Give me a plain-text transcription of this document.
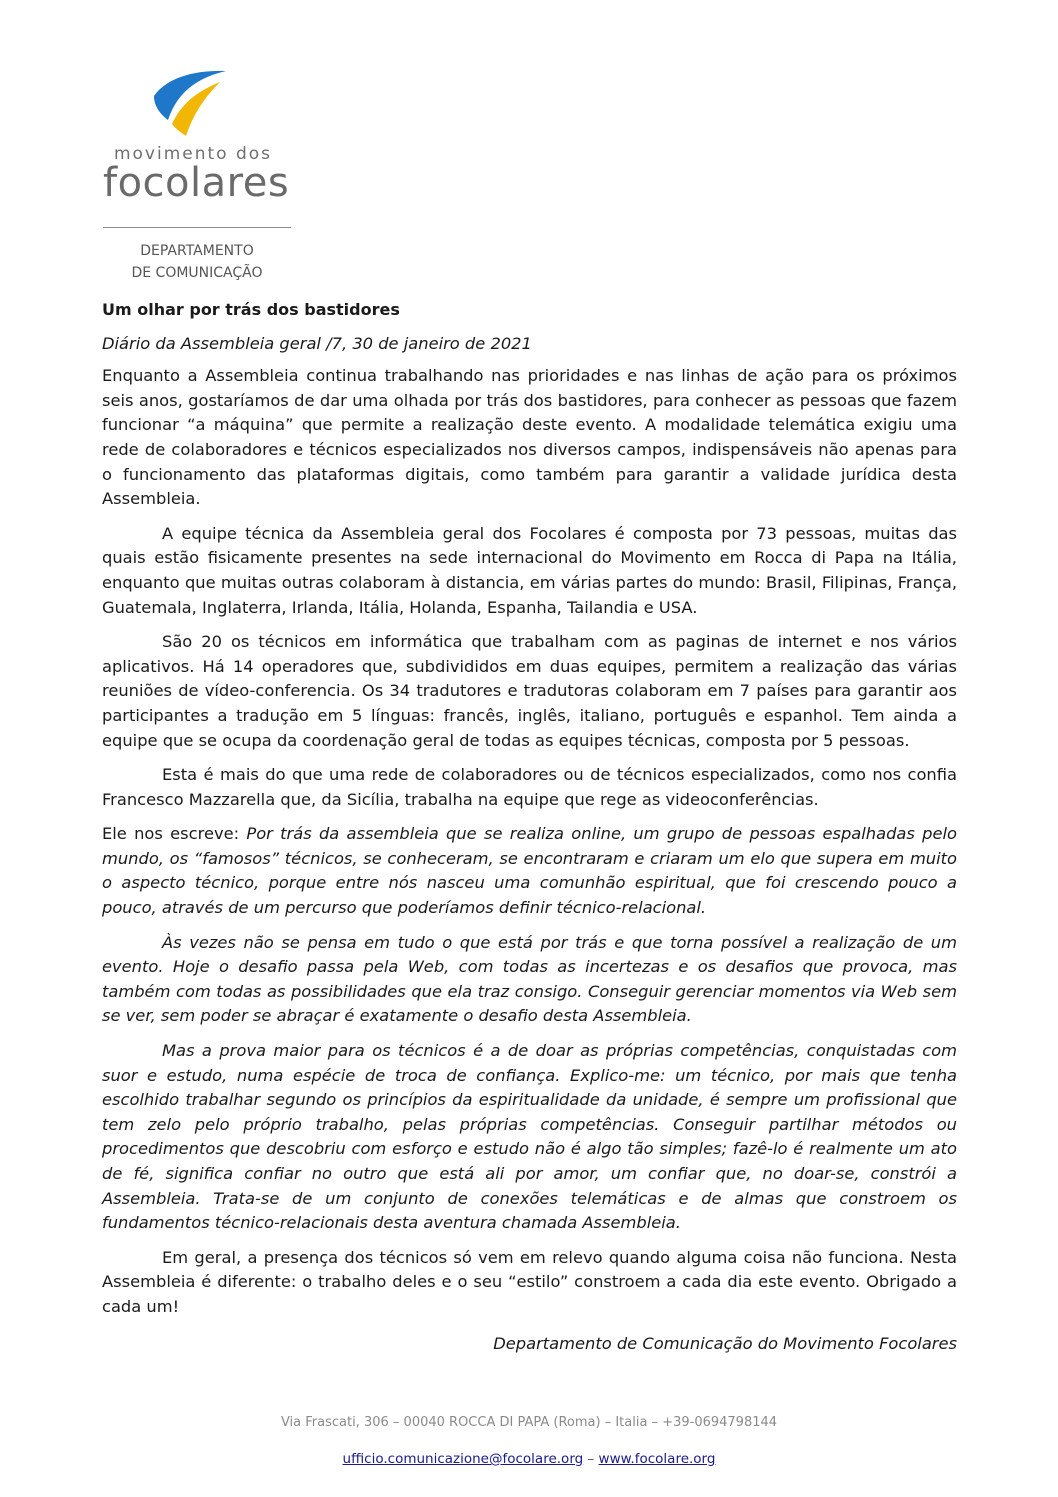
movimento dos
focolares
DEPARTAMENTO
DE COMUNICAÇÃO

Um olhar por trás dos bastidores

Diário da Assembleia geral /7, 30 de janeiro de 2021

Enquanto a Assembleia continua trabalhando nas prioridades e nas linhas de ação para os próximos seis anos, gostaríamos de dar uma olhada por trás dos bastidores, para conhecer as pessoas que fazem funcionar “a máquina” que permite a realização deste evento. A modalidade telemática exigiu uma rede de colaboradores e técnicos especializados nos diversos campos, indispensáveis não apenas para o funcionamento das plataformas digitais, como também para garantir a validade jurídica desta Assembleia.

A equipe técnica da Assembleia geral dos Focolares é composta por 73 pessoas, muitas das quais estão fisicamente presentes na sede internacional do Movimento em Rocca di Papa na Itália, enquanto que muitas outras colaboram à distancia, em várias partes do mundo: Brasil, Filipinas, França, Guatemala, Inglaterra, Irlanda, Itália, Holanda, Espanha, Tailandia e USA.

São 20 os técnicos em informática que trabalham com as paginas de internet e nos vários aplicativos. Há 14 operadores que, subdivididos em duas equipes, permitem a realização das várias reuniões de vídeo-conferencia. Os 34 tradutores e tradutoras colaboram em 7 países para garantir aos participantes a tradução em 5 línguas: francês, inglês, italiano, português e espanhol. Tem ainda a equipe que se ocupa da coordenação geral de todas as equipes técnicas, composta por 5 pessoas.

Esta é mais do que uma rede de colaboradores ou de técnicos especializados, como nos confia Francesco Mazzarella que, da Sicília, trabalha na equipe que rege as videoconferências.

Ele nos escreve: Por trás da assembleia que se realiza online, um grupo de pessoas espalhadas pelo mundo, os “famosos” técnicos, se conheceram, se encontraram e criaram um elo que supera em muito o aspecto técnico, porque entre nós nasceu uma comunhão espiritual, que foi crescendo pouco a pouco, através de um percurso que poderíamos definir técnico-relacional.

Às vezes não se pensa em tudo o que está por trás e que torna possível a realização de um evento. Hoje o desafio passa pela Web, com todas as incertezas e os desafios que provoca, mas também com todas as possibilidades que ela traz consigo. Conseguir gerenciar momentos via Web sem se ver, sem poder se abraçar é exatamente o desafio desta Assembleia.

Mas a prova maior para os técnicos é a de doar as próprias competências, conquistadas com suor e estudo, numa espécie de troca de confiança. Explico-me: um técnico, por mais que tenha escolhido trabalhar segundo os princípios da espiritualidade da unidade, é sempre um profissional que tem zelo pelo próprio trabalho, pelas próprias competências. Conseguir partilhar métodos ou procedimentos que descobriu com esforço e estudo não é algo tão simples; fazê-lo é realmente um ato de fé, significa confiar no outro que está ali por amor, um confiar que, no doar-se, constrói a Assembleia. Trata-se de um conjunto de conexões telemáticas e de almas que constroem os fundamentos técnico-relacionais desta aventura chamada Assembleia.

Em geral, a presença dos técnicos só vem em relevo quando alguma coisa não funciona. Nesta Assembleia é diferente: o trabalho deles e o seu “estilo” constroem a cada dia este evento. Obrigado a cada um!

Departamento de Comunicação do Movimento Focolares

Via Frascati, 306 – 00040 ROCCA DI PAPA (Roma) – Italia – +39-0694798144
ufficio.comunicazione@focolare.org – www.focolare.org
